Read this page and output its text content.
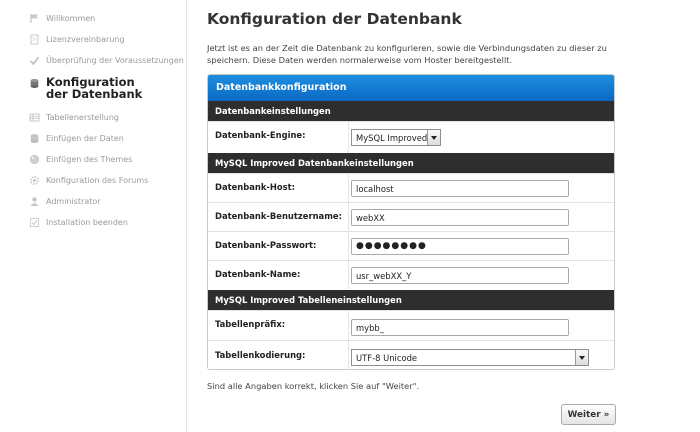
Willkommen
Lizenzvereinbarung
Überprüfung der Voraussetzungen
Konfiguration der Datenbank
Tabellenerstellung
Einfügen der Daten
Einfügen des Themes
Konfiguration des Forums
Administrator
Installation beenden
Konfiguration der Datenbank
Jetzt ist es an der Zeit die Datenbank zu konfigurieren, sowie die Verbindungsdaten zu dieser zu speichern. Diese Daten werden normalerweise vom Hoster bereitgestellt.
Datenbankkonfiguration
Datenbankeinstellungen
Datenbank-Engine:	MySQL Improved
MySQL Improved Datenbankeinstellungen
Datenbank-Host:	localhost
Datenbank-Benutzername:	webXX
Datenbank-Passwort:	●●●●●●●●
Datenbank-Name:	usr_webXX_Y
MySQL Improved Tabelleneinstellungen
Tabellenpräfix:	mybb_
Tabellenkodierung:	UTF-8 Unicode
Sind alle Angaben korrekt, klicken Sie auf "Weiter".
Weiter »
